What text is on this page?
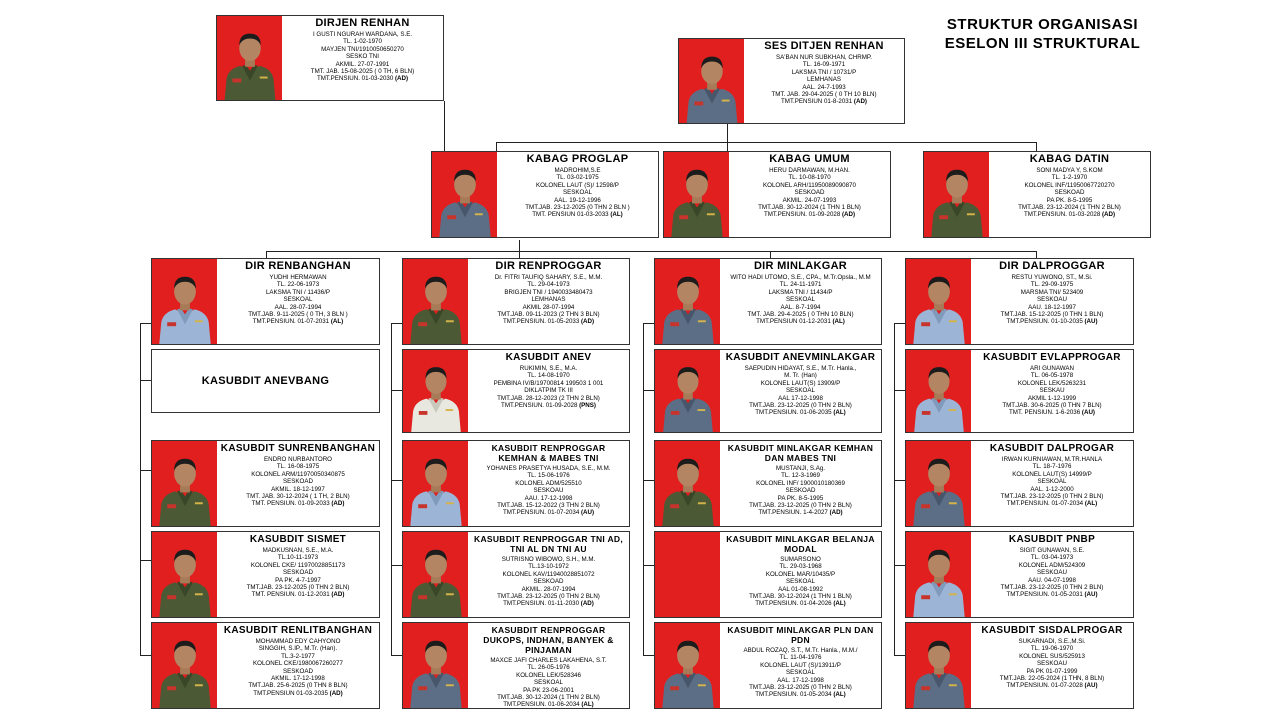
STRUKTUR ORGANISASI
ESELON III STRUKTURAL
KASUBDIT ANEVBANG
DIRJEN RENHAN
I GUSTI NGURAH WARDANA, S.E.
TL. 1-02-1970
MAYJEN TNI/1910050650270
SESKO TNI
AKMIL. 27-07-1991
TMT. JAB. 15-08-2025 ( 0 TH, 6 BLN)
TMT.PENSIUN. 01-03-2030 (AD)
SES DITJEN RENHAN
SA'BAN NUR SUBKHAN, CHRMP.
TL. 16-09-1971
LAKSMA TNI / 10731/P
LEMHANAS
AAL. 24-7-1993
TMT. JAB. 29-04-2025 ( 0 TH 10 BLN)
TMT.PENSIUN 01-8-2031 (AD)
KABAG PROGLAP
MADROHIM,S.E
TL. 03-02-1975
KOLONEL LAUT (S)/ 12598/P
SESKOAL
AAL. 19-12-1996
TMT.JAB. 23-12-2025 (0 THN 2 BLN )
TMT. PENSIUN 01-03-2033 (AL)
KABAG UMUM
HERU DARMAWAN, M.HAN.
TL. 10-08-1970
KOLONEL ARH/11950089090870
SESKOAD
AKMIL. 24-07-1993
TMT.JAB. 30-12-2024 (1 THN 1 BLN)
TMT.PENSIUN. 01-09-2028 (AD)
KABAG DATIN
SONI MADYA Y, S.KOM
TL. 1-2-1970
KOLONEL INF/11950067720270
SESKOAD
PA PK. 8-5-1995
TMT.JAB. 23-12-2024 (1 THN 2 BLN)
TMT.PENSIUN. 01-03-2028 (AD)
DIR RENBANGHAN
YUDHI HERMAWAN
TL. 22-06-1973
LAKSMA TNI / 11436/P
SESKOAL
AAL. 28-07-1994
TMT.JAB. 9-11-2025 ( 0 TH, 3 BLN )
TMT.PENSIUN. 01-07-2031 (AL)
DIR RENPROGGAR
Dr. FITRI TAUFIQ SAHARY, S.E., M.M.
TL. 29-04-1973
BRIGJEN TNI / 1940033480473
LEMHANAS
AKMIL 28-07-1994
TMT.JAB. 09-11-2023 (2 THN 3 BLN)
TMT.PENSIUN. 01-05-2033 (AD)
DIR MINLAKGAR
WITO HADI UTOMO, S.E., CPA., M.Tr.Opsla., M.M
TL. 24-11-1971
LAKSMA TNI / 11434/P
SESKOAL
AAL. 8-7-1994
TMT. JAB. 29-4-2025 ( 0 THN 10 BLN)
TMT.PENSIUN 01-12-2031 (AL)
DIR DALPROGGAR
RESTU YUWONO, ST., M.Si.
TL. 29-09-1975
MARSMA TNI/ 523409
SESKOAU
AAU. 18-12-1997
TMT.JAB. 15-12-2025 (0 THN 1 BLN)
TMT.PENSIUN. 01-10-2035 (AU)
KASUBDIT ANEV
RUKIMIN, S.E., M.A.
TL. 14-08-1970
PEMBINA IV/B/19700814 199503 1 001
DIKLATPIM TK III
TMT.JAB. 28-12-2023 (2 THN 2 BLN)
TMT.PENSIUN. 01-09-2028 (PNS)
KASUBDIT SUNRENBANGHAN
ENDRO NURBANTORO
TL. 16-08-1975
KOLONEL ARM/11970050340875
SESKOAD
AKMIL. 18-12-1997
TMT. JAB. 30-12-2024 ( 1 TH, 2 BLN)
TMT. PENSIUN. 01-09-2033 (AD)
KASUBDIT RENPROGGAR KEMHAN & MABES TNI
YOHANES PRASETYA HUSADA, S.E., M.M.
TL. 15-06-1976
KOLONEL ADM/525510
SESKOAU
AAU. 17-12-1998
TMT.JAB. 15-12-2022 (3 THN 2 BLN)
TMT.PENSIUN. 01-07-2034 (AU)
KASUBDIT MINLAKGAR KEMHAN DAN MABES TNI
MUSTANJI, S.Ag.
TL. 12-3-1969
KOLONEL INF/ 1900010180369
SESKOAD
PA PK. 8-5-1995
TMT.JAB. 23-12-2025 (0 THN 2 BLN)
TMT.PENSIUN. 1-4-2027 (AD)
KASUBDIT DALPROGAR
IRWAN KURNIAWAN, M.TR.HANLA
TL. 18-7-1976
KOLONEL LAUT(S) 14999/P
SESKOAL
AAL. 1-12-2000
TMT.JAB. 23-12-2025 (0 THN 2 BLN)
TMT.PENSIUN. 01-07-2034 (AL)
KASUBDIT SISMET
MADKUSNAN, S.E., M.A.
TL.10-11-1973
KOLONEL CKE/ 11970028851173
SESKOAD
PA PK. 4-7-1997
TMT.JAB. 23-12-2025 (0 THN 2 BLN)
TMT. PENSIUN. 01-12-2031 (AD)
KASUBDIT RENPROGGAR TNI AD, TNI AL DN TNI AU
SUTRISNO WIBOWO, S.H., M.M.
TL.13-10-1972
KOLONEL KAV/11940028851072
SESKOAD
AKMIL. 28-07-1994
TMT.JAB. 23-12-2025 (0 THN 2 BLN)
TMT.PENSIUN. 01-11-2030 (AD)
KASUBDIT PNBP
SIGIT GUNAWAN, S.E.
TL. 03-04-1973
KOLONEL ADM/524309
SESKOAU
AAU. 04-07-1998
TMT.JAB. 23-12-2025 (0 THN 2 BLN)
TMT.PENSIUN. 01-05-2031 (AU)
KASUBDIT RENLITBANGHAN
MOHAMMAD EDY CAHYONO
SINGGIH, S.IP., M.Tr. (Han).
TL.3-2-1977
KOLONEL CKE/1980067260277
SESKOAD
AKMIL. 17-12-1998
TMT.JAB. 25-6-2025 (0 THN 8 BLN)
TMT.PENSIUN 01-03-2035 (AD)
KASUBDIT RENPROGGAR DUKOPS, INDHAN, BANYEK & PINJAMAN
MAXCE JAFI CHARLES LAKAHENA, S.T.
TL. 26-05-1976
KOLONEL LEK/528346
SESKOAL
PA PK 23-06-2001
TMT.JAB. 30-12-2024 (1 THN 2 BLN)
TMT.PENSIUN. 01-06-2034 (AL)
KASUBDIT MINLAKGAR PLN DAN PDN
ABDUL ROZAQ, S.T., M.Tr. Hanla., M.M./
TL. 11-04-1976
KOLONEL LAUT (S)/13911/P
SESKOAL
AAL. 17-12-1998
TMT.JAB. 23-12-2025 (0 THN 2 BLN)
TMT.PENSIUN. 01-05-2034 (AL)
KASUBDIT SISDALPROGAR
SUKARNADI, S.E.,M.Si.
TL. 19-06-1970
KOLONEL SUS/525913
SESKOAU
PA PK 01-07-1999
TMT.JAB. 22-05-2024 (1 THN, 8 BLN)
TMT.PENSIUN. 01-07-2028 (AU)
KASUBDIT ANEVMINLAKGAR
SAEPUDIN HIDAYAT, S.E., M.Tr. Hanla.,
M. Tr. (Han)
KOLONEL LAUT(S) 13909/P
SESKOAL
AAL 17-12-1998
TMT.JAB. 23-12-2025 (0 THN 2 BLN)
TMT.PENSIUN. 01-06-2035 (AL)
KASUBDIT MINLAKGAR BELANJA MODAL
SUMARSONO
TL. 29-03-1968
KOLONEL MAR/10435/P
SESKOAL
AAL 01-08-1992
TMT.JAB. 30-12-2024 (1 THN 1 BLN)
TMT.PENSIUN. 01-04-2026 (AL)
KASUBDIT EVLAPPROGAR
ARI GUNAWAN
TL. 06-05-1978
KOLONEL LEK/5263231
SESKAU
AKMIL 1-12-1999
TMT.JAB. 30-6-2025 (0 THN 7 BLN)
TMT. PENSIUN. 1-6-2036 (AU)
